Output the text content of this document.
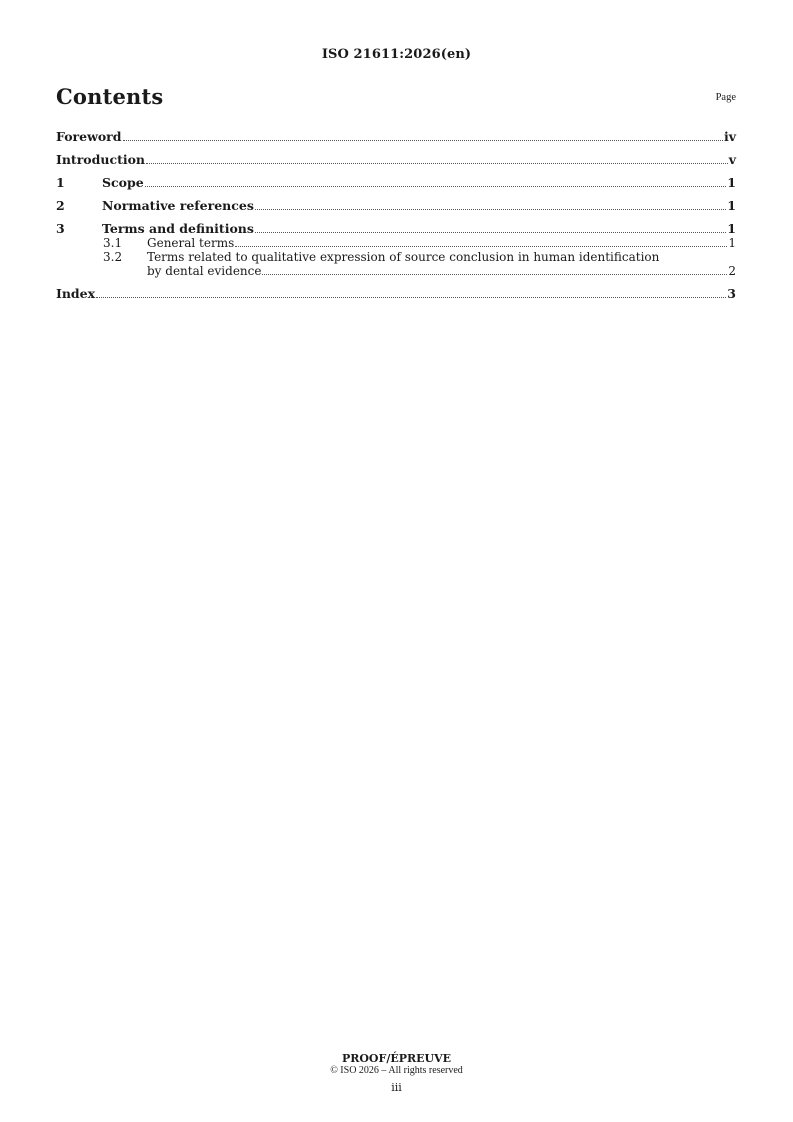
ISO 21611:2026(en)
Contents	Page
Foreword	iv
Introduction	v
1	Scope	1
2	Normative references	1
3	Terms and definitions	1
3.1	General terms	1
3.2	Terms related to qualitative expression of source conclusion in human identification
by dental evidence	2
Index	3
PROOF/ÉPREUVE
© ISO 2026 – All rights reserved
iii
